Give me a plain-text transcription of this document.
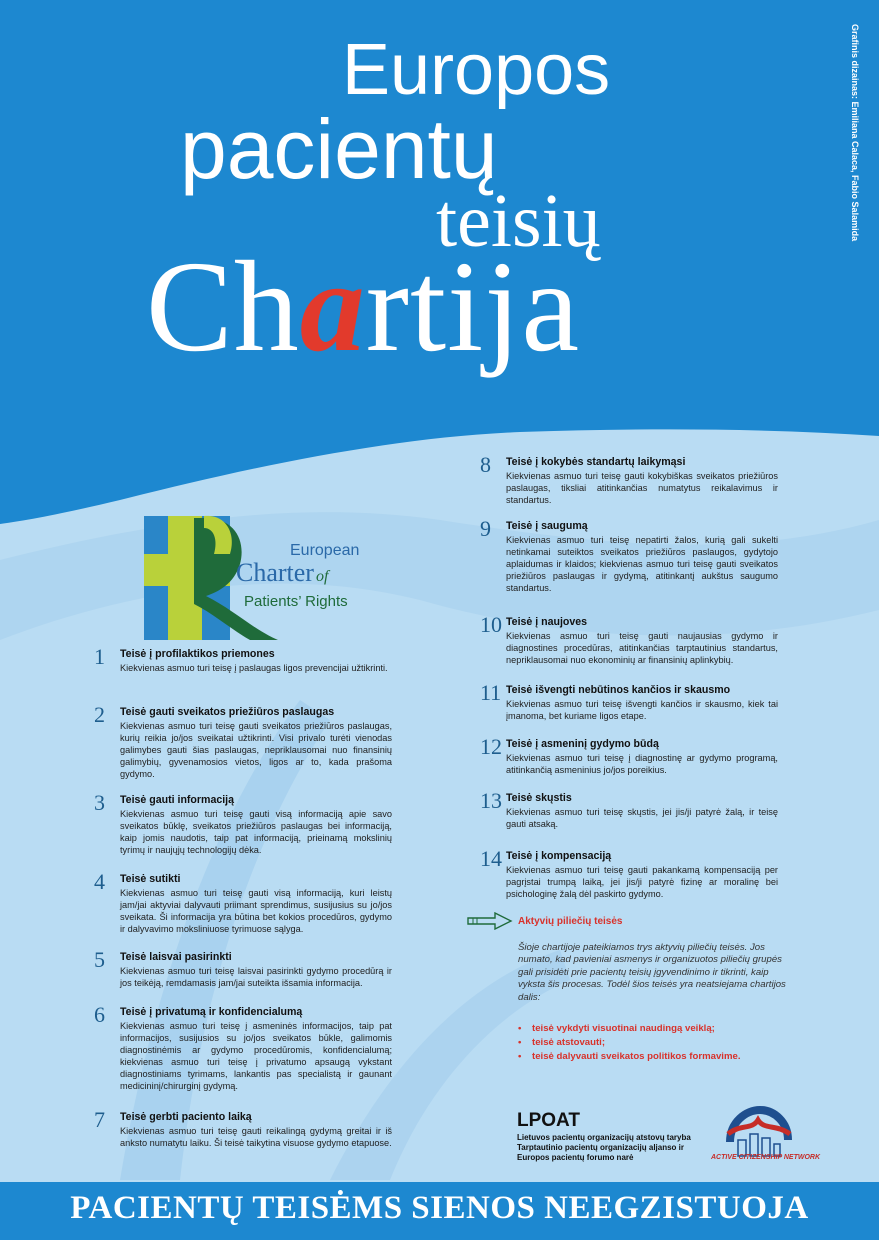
Grafinis dizainas: Emiliana Calaca, Fabio Salamida
Europos
pacientų
teisių
Chartija
European
Charter of
Patients’ Rights
1 Teisė į profilaktikos priemones
Kiekvienas asmuo turi teisę į paslaugas ligos prevencijai užtikrinti.
2 Teisė gauti sveikatos priežiūros paslaugas
Kiekvienas asmuo turi teisę gauti sveikatos priežiūros paslaugas, kurių reikia jo/jos sveikatai užtikrinti. Visi privalo turėti vienodas galimybes gauti šias paslaugas, nepriklausomai nuo finansinių galimybių, gyvenamosios vietos, ligos ar to, kada prašoma gydymo.
3 Teisė gauti informaciją
Kiekvienas asmuo turi teisę gauti visą informaciją apie savo sveikatos būklę, sveikatos priežiūros paslaugas bei informaciją, kaip jomis naudotis, taip pat informaciją, prieinamą mokslinių tyrimų ir naujųjų technologijų dėka.
4 Teisė sutikti
Kiekvienas asmuo turi teisę gauti visą informaciją, kuri leistų jam/jai aktyviai dalyvauti priimant sprendimus, susijusius su jo/jos sveikata. Ši informacija yra būtina bet kokios procedūros, gydymo ir dalyvavimo moksliniuose tyrimuose sąlyga.
5 Teisė laisvai pasirinkti
Kiekvienas asmuo turi teisę laisvai pasirinkti gydymo procedūrą ir jos teikėją, remdamasis jam/jai suteikta išsamia informacija.
6 Teisė į privatumą ir konfidencialumą
Kiekvienas asmuo turi teisę į asmeninės informacijos, taip pat informacijos, susijusios su jo/jos sveikatos būkle, galimomis diagnostinėmis ar gydymo procedūromis, konfidencialumą; kiekvienas asmuo turi teisę į privatumo apsaugą vykstant diagnostiniams tyrimams, lankantis pas specialistą ir gaunant medicininį/chirurginį gydymą.
7 Teisė gerbti paciento laiką
Kiekvienas asmuo turi teisę gauti reikalingą gydymą greitai ir iš anksto numatytu laiku. Ši teisė taikytina visuose gydymo etapuose.
8 Teisė į kokybės standartų laikymąsi
Kiekvienas asmuo turi teisę gauti kokybiškas sveikatos priežiūros paslaugas, tiksliai atitinkančias numatytus reikalavimus ir standartus.
9 Teisė į saugumą
Kiekvienas asmuo turi teisę nepatirti žalos, kurią gali sukelti netinkamai suteiktos sveikatos priežiūros paslaugos, gydytojo aplaidumas ir klaidos; kiekvienas asmuo turi teisę gauti sveikatos priežiūros paslaugas ir gydymą, atitinkantį aukštus saugumo standartus.
10 Teisė į naujoves
Kiekvienas asmuo turi teisę gauti naujausias gydymo ir diagnostines procedūras, atitinkančias tarptautinius standartus, nepriklausomai nuo ekonominių ar finansinių aplinkybių.
11 Teisė išvengti nebūtinos kančios ir skausmo
Kiekvienas asmuo turi teisę išvengti kančios ir skausmo, kiek tai įmanoma, bet kuriame ligos etape.
12 Teisė į asmeninį gydymo būdą
Kiekvienas asmuo turi teisę į diagnostinę ar gydymo programą, atitinkančią asmeninius jo/jos poreikius.
13 Teisė skųstis
Kiekvienas asmuo turi teisę skųstis, jei jis/ji patyrė žalą, ir teisę gauti atsaką.
14 Teisė į kompensaciją
Kiekvienas asmuo turi teisę gauti pakankamą kompensaciją per pagrįstai trumpą laiką, jei jis/ji patyrė fizinę ar moralinę bei psichologinę žalą dėl paskirto gydymo.
Aktyvių piliečių teisės
Šioje chartijoje pateikiamos trys aktyvių piliečių teisės. Jos numato, kad pavieniai asmenys ir organizuotos piliečių grupės gali prisidėti prie pacientų teisių įgyvendinimo ir tikrinti, kaip vyksta šis procesas. Todėl šios teisės yra neatsiejama chartijos dalis:
• teisė vykdyti visuotinai naudingą veiklą;
• teisė atstovauti;
• teisė dalyvauti sveikatos politikos formavime.
LPOAT
Lietuvos pacientų organizacijų atstovų taryba Tarptautinio pacientų organizacijų aljanso ir Europos pacientų forumo narė	ACTIVE CITIZENSHIP NETWORK
PACIENTŲ TEISĖMS SIENOS NEEGZISTUOJA
